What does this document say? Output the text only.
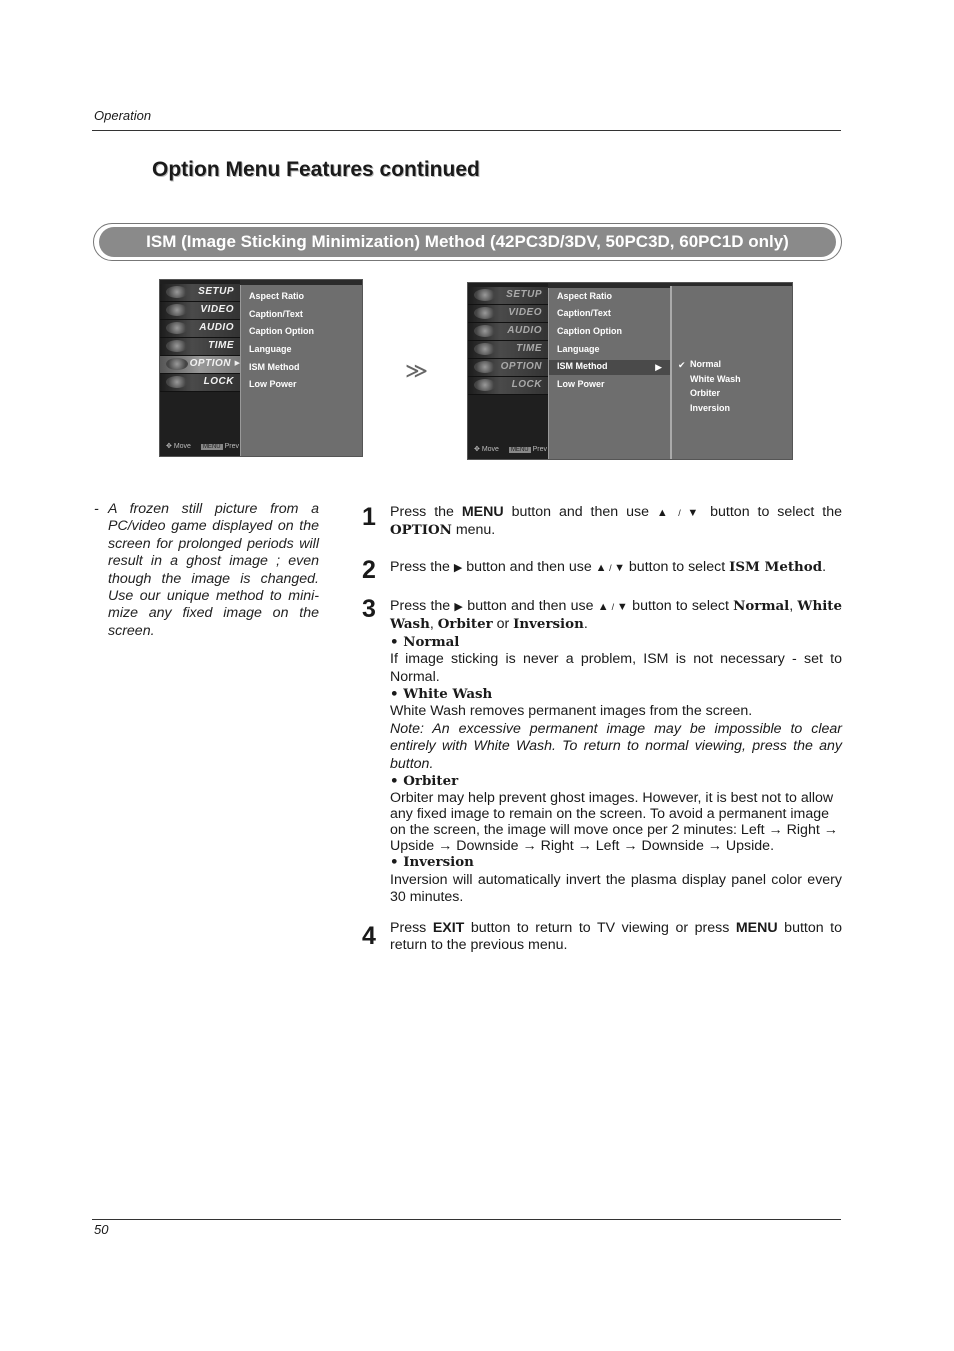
Operation
Option Menu Features continued
ISM (Image Sticking Minimization) Method (42PC3D/3DV, 50PC3D, 60PC1D only)
SETUP
VIDEO
AUDIO
TIME
OPTION ▶
LOCK
✥ Move MENU Prev
Aspect Ratio
Caption/Text
Caption Option
Language
ISM Method
Low Power
≫
SETUP
VIDEO
AUDIO
TIME
OPTION
LOCK
✥ Move MENU Prev
Aspect Ratio
Caption/Text
Caption Option
Language
ISM Method	▶
Low Power
✔ Normal
White Wash
Orbiter
Inversion
- A frozen still picture from a PC/video game displayed on the screen for prolonged periods will result in a ghost image ; even though the image is changed. Use our unique method to mini-mize any fixed image on the screen.
1 Press the MENU button and then use ▲ / ▼ button to select the OPTION menu.
2 Press the ▶ button and then use ▲ / ▼ button to select ISM Method.
3 Press the ▶ button and then use ▲ / ▼ button to select Normal, White Wash, Orbiter or Inversion.
• Normal
If image sticking is never a problem, ISM is not necessary - set to Normal.
• White Wash
White Wash removes permanent images from the screen.
Note: An excessive permanent image may be impossible to clear entirely with White Wash. To return to normal viewing, press the any button.
• Orbiter
Orbiter may help prevent ghost images. However, it is best not to allow any fixed image to remain on the screen. To avoid a permanent image on the screen, the image will move once per 2 minutes: Left → Right → Upside → Downside → Right → Left → Downside → Upside.
• Inversion
Inversion will automatically invert the plasma display panel color every 30 minutes.
4 Press EXIT button to return to TV viewing or press MENU button to return to the previous menu.
50
